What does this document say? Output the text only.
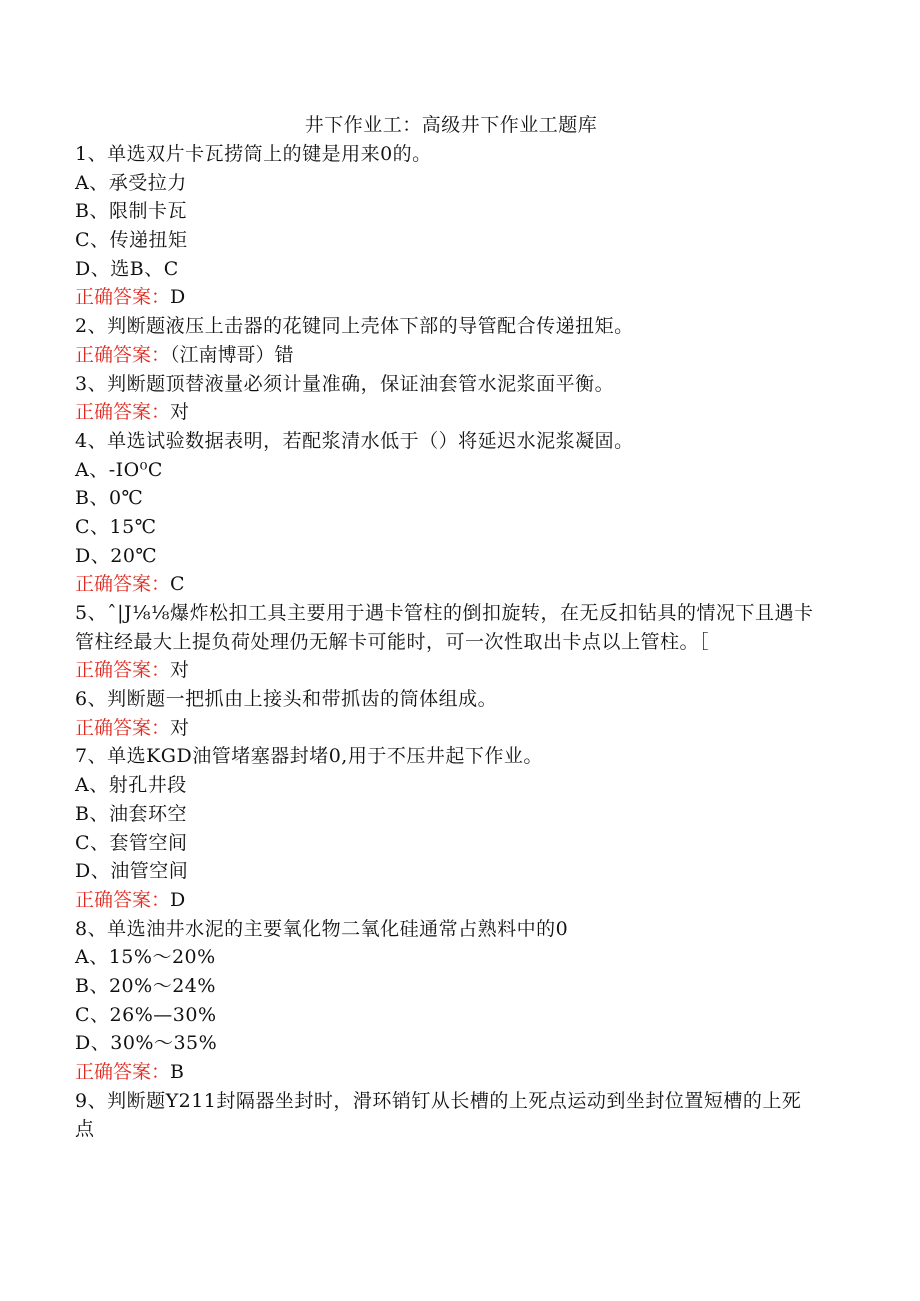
井下作业工：高级井下作业工题库
1、单选双片卡瓦捞筒上的键是用来0的。
A、承受拉力
B、限制卡瓦
C、传递扭矩
D、选B、C
正确答案：D
2、判断题液压上击器的花键同上壳体下部的导管配合传递扭矩。
正确答案：（江南博哥）错
3、判断题顶替液量必须计量准确，保证油套管水泥浆面平衡。
正确答案：对
4、单选试验数据表明，若配浆清水低于（）将延迟水泥浆凝固。
A、-IO⁰C
B、0℃
C、15℃
D、20℃
正确答案：C
5、ˆ|J⅛⅛爆炸松扣工具主要用于遇卡管柱的倒扣旋转，在无反扣钻具的情况下且遇卡管柱经最大上提负荷处理仍无解卡可能时，可一次性取出卡点以上管柱。［
正确答案：对
6、判断题一把抓由上接头和带抓齿的筒体组成。
正确答案：对
7、单选KGD油管堵塞器封堵0,用于不压井起下作业。
A、射孔井段
B、油套环空
C、套管空间
D、油管空间
正确答案：D
8、单选油井水泥的主要氧化物二氧化硅通常占熟料中的0
A、15%～20%
B、20%～24%
C、26%—30%
D、30%～35%
正确答案：B
9、判断题Y211封隔器坐封时，滑环销钉从长槽的上死点运动到坐封位置短槽的上死点
